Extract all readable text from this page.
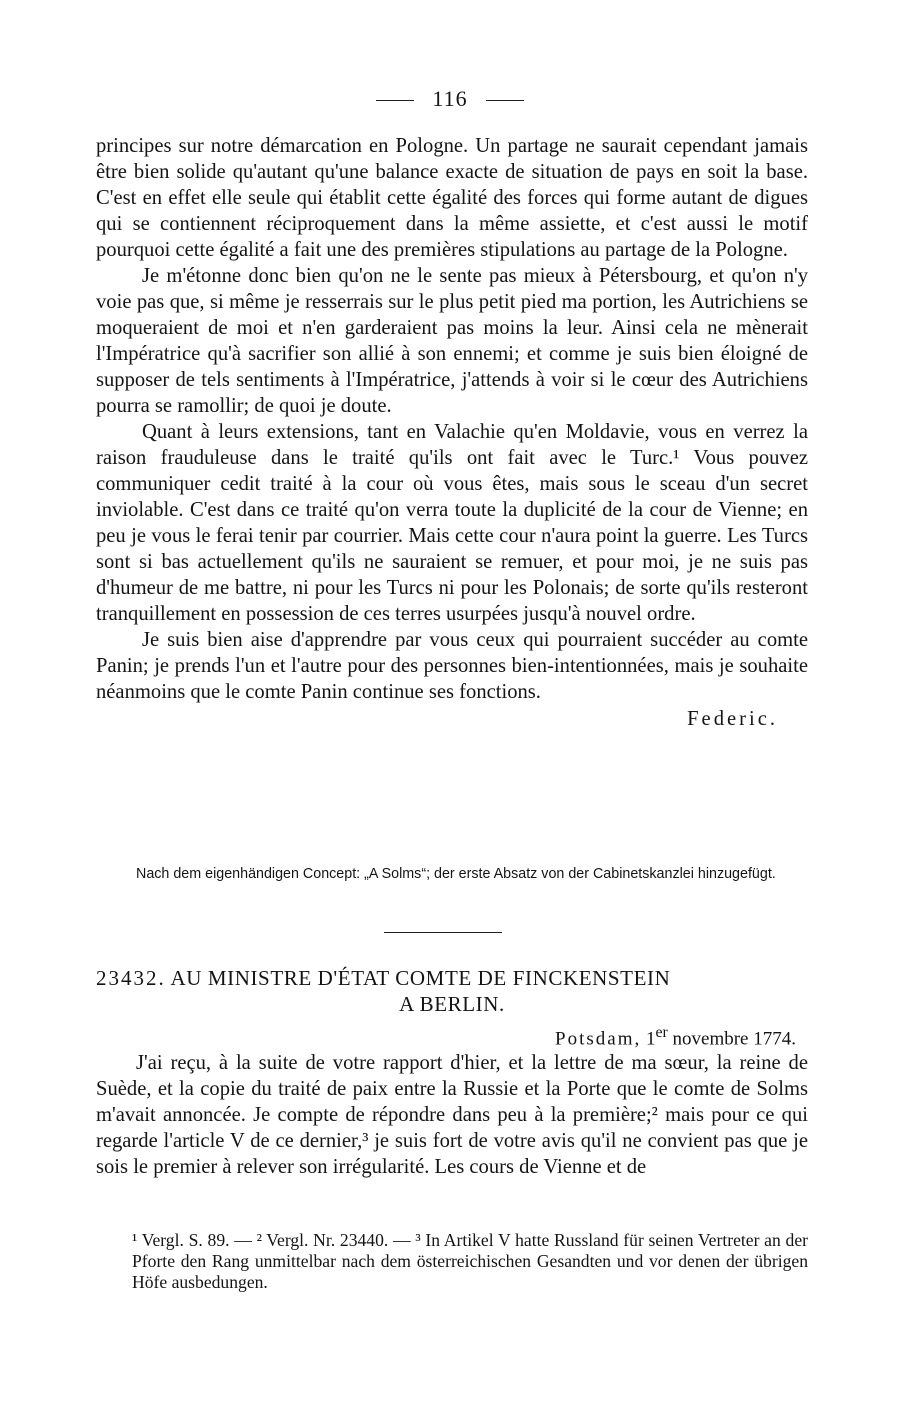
116

principes sur notre démarcation en Pologne. Un partage ne saurait cependant jamais être bien solide qu'autant qu'une balance exacte de situation de pays en soit la base. C'est en effet elle seule qui établit cette égalité des forces qui forme autant de digues qui se contiennent réciproquement dans la même assiette, et c'est aussi le motif pourquoi cette égalité a fait une des premières stipulations au partage de la Pologne.

Je m'étonne donc bien qu'on ne le sente pas mieux à Pétersbourg, et qu'on n'y voie pas que, si même je resserrais sur le plus petit pied ma portion, les Autrichiens se moqueraient de moi et n'en garderaient pas moins la leur. Ainsi cela ne mènerait l'Impératrice qu'à sacrifier son allié à son ennemi; et comme je suis bien éloigné de supposer de tels sentiments à l'Impératrice, j'attends à voir si le cœur des Autrichiens pourra se ramollir; de quoi je doute.

Quant à leurs extensions, tant en Valachie qu'en Moldavie, vous en verrez la raison frauduleuse dans le traité qu'ils ont fait avec le Turc.¹ Vous pouvez communiquer cedit traité à la cour où vous êtes, mais sous le sceau d'un secret inviolable. C'est dans ce traité qu'on verra toute la duplicité de la cour de Vienne; en peu je vous le ferai tenir par courrier. Mais cette cour n'aura point la guerre. Les Turcs sont si bas actuellement qu'ils ne sauraient se remuer, et pour moi, je ne suis pas d'humeur de me battre, ni pour les Turcs ni pour les Polonais; de sorte qu'ils resteront tranquillement en possession de ces terres usurpées jusqu'à nouvel ordre.

Je suis bien aise d'apprendre par vous ceux qui pourraient succéder au comte Panin; je prends l'un et l'autre pour des personnes bien-intentionnées, mais je souhaite néanmoins que le comte Panin continue ses fonctions.

Federic.
Nach dem eigenhändigen Concept: „A Solms“; der erste Absatz von der Cabinetskanzlei hinzugefügt.
23432. AU MINISTRE D'ÉTAT COMTE DE FINCKENSTEIN
A BERLIN.
Potsdam, 1er novembre 1774.

J'ai reçu, à la suite de votre rapport d'hier, et la lettre de ma sœur, la reine de Suède, et la copie du traité de paix entre la Russie et la Porte que le comte de Solms m'avait annoncée. Je compte de répondre dans peu à la première;² mais pour ce qui regarde l'article V de ce dernier,³ je suis fort de votre avis qu'il ne convient pas que je sois le premier à relever son irrégularité. Les cours de Vienne et de

¹ Vergl. S. 89. — ² Vergl. Nr. 23440. — ³ In Artikel V hatte Russland für seinen Vertreter an der Pforte den Rang unmittelbar nach dem österreichischen Gesandten und vor denen der übrigen Höfe ausbedungen.
